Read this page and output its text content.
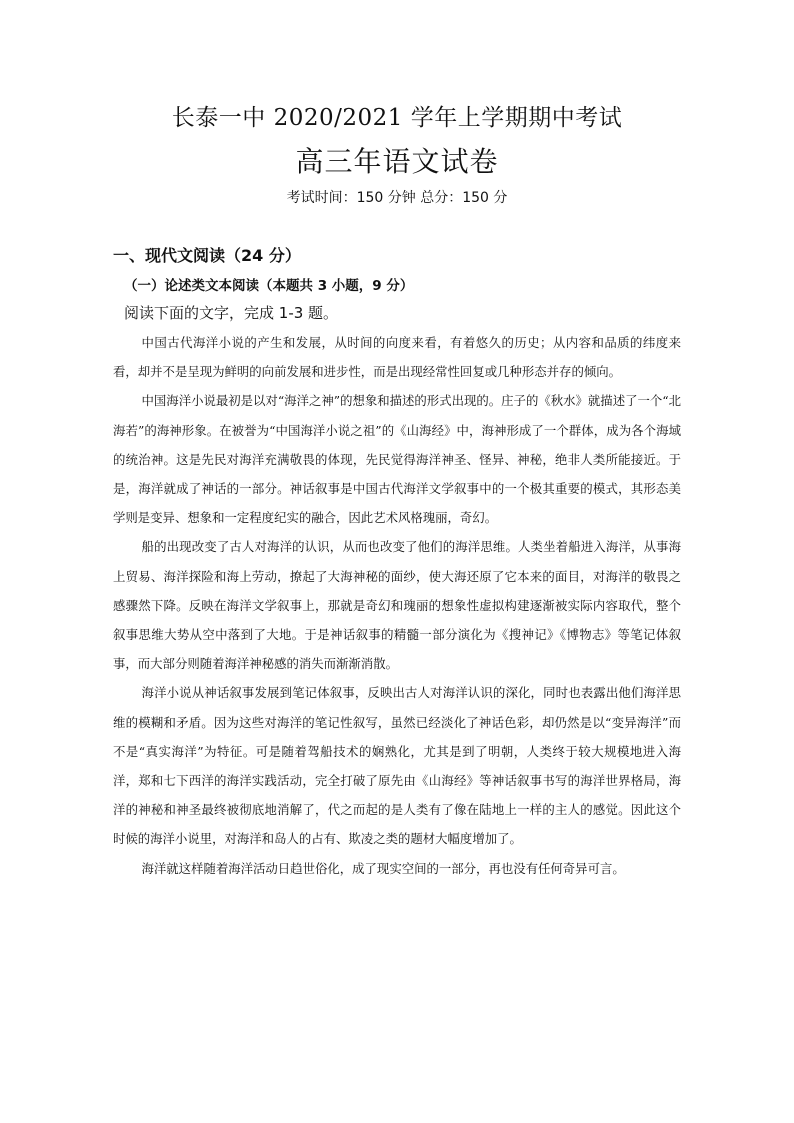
长泰一中 2020/2021 学年上学期期中考试
高三年语文试卷
考试时间：150 分钟 总分：150 分
一、现代文阅读（24 分）
（一）论述类文本阅读（本题共 3 小题，9 分）
阅读下面的文字，完成 1-3 题。

中国古代海洋小说的产生和发展，从时间的向度来看，有着悠久的历史；从内容和品质的纬度来看，却并不是呈现为鲜明的向前发展和进步性，而是出现经常性回复或几种形态并存的倾向。

中国海洋小说最初是以对“海洋之神”的想象和描述的形式出现的。庄子的《秋水》就描述了一个“北海若”的海神形象。在被誉为“中国海洋小说之祖”的《山海经》中，海神形成了一个群体，成为各个海域的统治神。这是先民对海洋充满敬畏的体现，先民觉得海洋神圣、怪异、神秘，绝非人类所能接近。于是，海洋就成了神话的一部分。神话叙事是中国古代海洋文学叙事中的一个极其重要的模式，其形态美学则是变异、想象和一定程度纪实的融合，因此艺术风格瑰丽，奇幻。

船的出现改变了古人对海洋的认识，从而也改变了他们的海洋思维。人类坐着船进入海洋，从事海上贸易、海洋探险和海上劳动，撩起了大海神秘的面纱，使大海还原了它本来的面目，对海洋的敬畏之感骤然下降。反映在海洋文学叙事上，那就是奇幻和瑰丽的想象性虚拟构建逐渐被实际内容取代，整个叙事思维大势从空中落到了大地。于是神话叙事的精髓一部分演化为《搜神记》《博物志》等笔记体叙事，而大部分则随着海洋神秘感的消失而渐渐消散。

海洋小说从神话叙事发展到笔记体叙事，反映出古人对海洋认识的深化，同时也表露出他们海洋思维的模糊和矛盾。因为这些对海洋的笔记性叙写，虽然已经淡化了神话色彩，却仍然是以“变异海洋”而不是“真实海洋”为特征。可是随着驾船技术的娴熟化，尤其是到了明朝，人类终于较大规模地进入海洋，郑和七下西洋的海洋实践活动，完全打破了原先由《山海经》等神话叙事书写的海洋世界格局，海洋的神秘和神圣最终被彻底地消解了，代之而起的是人类有了像在陆地上一样的主人的感觉。因此这个时候的海洋小说里，对海洋和岛人的占有、欺凌之类的题材大幅度增加了。

海洋就这样随着海洋活动日趋世俗化，成了现实空间的一部分，再也没有任何奇异可言。
